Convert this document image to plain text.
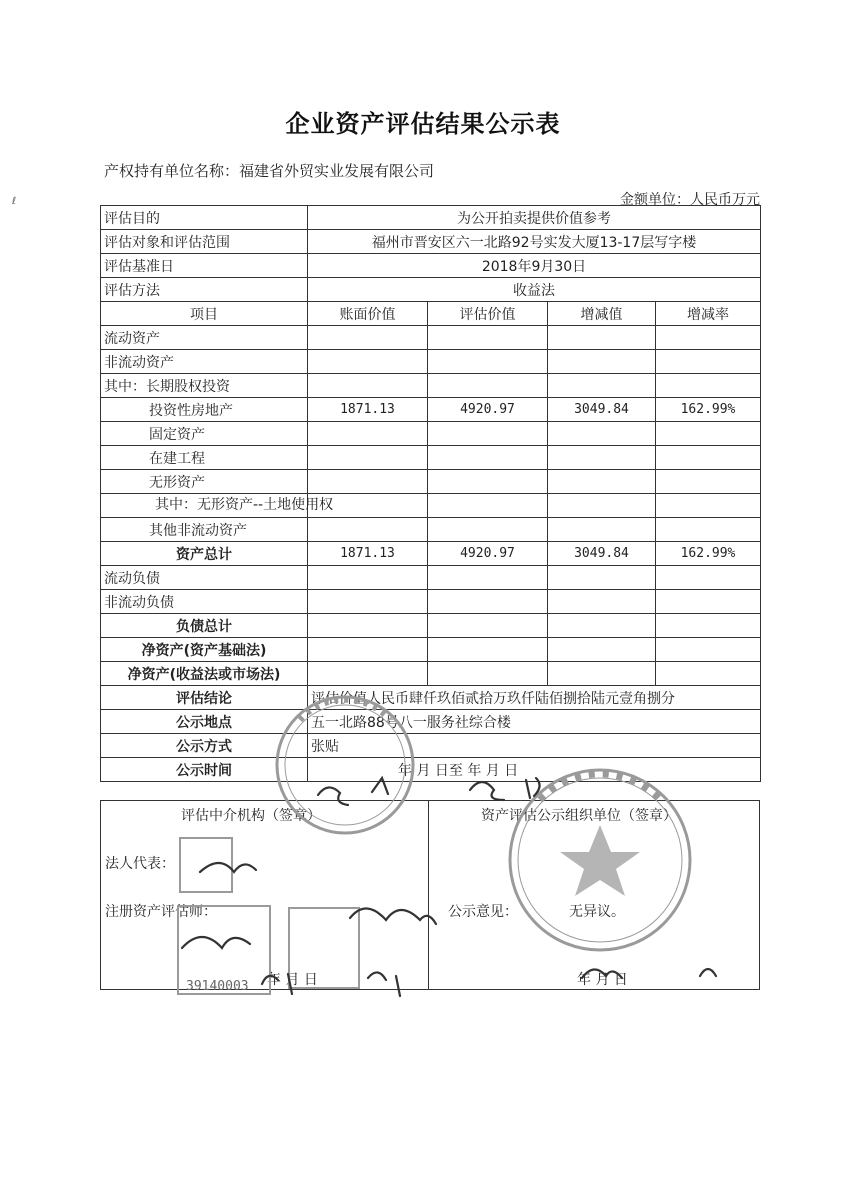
企业资产评估结果公示表
产权持有单位名称：福建省外贸实业发展有限公司
金额单位：人民币万元
ℓ
评估目的	为公开拍卖提供价值参考			
评估对象和评估范围	福州市晋安区六一北路92号实发大厦13-17层写字楼			
评估基准日	2018年9月30日			
评估方法	收益法			
项目	账面价值	评估价值	增减值	增减率
流动资产				
非流动资产				
其中：长期股权投资				
投资性房地产	1871.13	4920.97	3049.84	162.99%
固定资产				
在建工程				
无形资产				
其中：无形资产--土地使用权				
其他非流动资产				
资产总计	1871.13	4920.97	3049.84	162.99%
流动负债				
非流动负债				
负债总计				
净资产(资产基础法)				
净资产(收益法或市场法)				
评估结论	评估价值人民币肆仟玖佰贰拾万玖仟陆佰捌拾陆元壹角捌分			
公示地点	五一北路88号八一服务社综合楼			
公示方式	张贴			
公示时间	年 月 日至 年 月 日			
评估中介机构（签章）	资产评估公示组织单位（签章）
法人代表：
注册资产评估师：	公示意见：	无异议。
年 月 日	年 月 日
39140003
